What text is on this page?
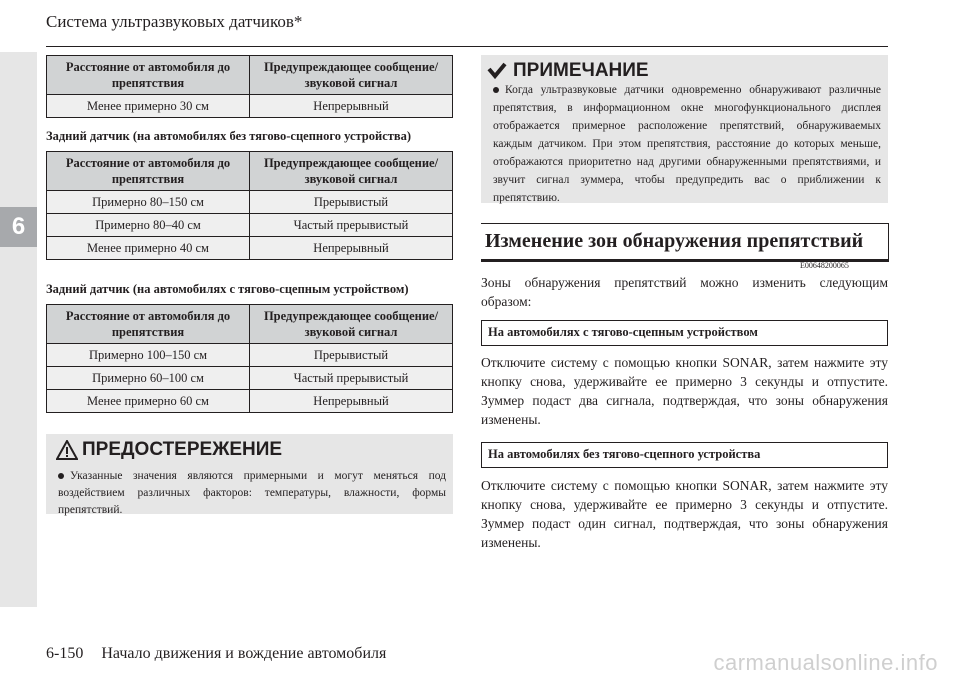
Система ультразвуковых датчиков*
6
Расстояние от автомобиля до препятствия	Предупреждающее сообщение/звуковой сигнал
Менее примерно 30 см	Непрерывный
Задний датчик (на автомобилях без тягово-сцепного устройства)
Расстояние от автомобиля до препятствия	Предупреждающее сообщение/звуковой сигнал
Примерно 80–150 см	Прерывистый
Примерно 80–40 см	Частый прерывистый
Менее примерно 40 см	Непрерывный
Задний датчик (на автомобилях с тягово-сцепным устройством)
Расстояние от автомобиля до препятствия	Предупреждающее сообщение/звуковой сигнал
Примерно 100–150 см	Прерывистый
Примерно 60–100 см	Частый прерывистый
Менее примерно 60 см	Непрерывный
ПРЕДОСТЕРЕЖЕНИЕ
Указанные значения являются примерными и могут меняться под воздействием различных факторов: температуры, влажности, формы препятствий.
ПРИМЕЧАНИЕ
Когда ультразвуковые датчики одновременно обнаруживают различные препятствия, в информационном окне многофункционального дисплея отображается примерное расположение препятствий, обнаруживаемых каждым датчиком. При этом препятствия, расстояние до которых меньше, отображаются приоритетно над другими обнаруженными препятствиями, и звучит сигнал зуммера, чтобы предупредить вас о приближении к препятствию.
Изменение зон обнаружения препятствий
E00648200065
Зоны обнаружения препятствий можно изменить следующим образом:
На автомобилях с тягово-сцепным устройством
Отключите систему с помощью кнопки SONAR, затем нажмите эту кнопку снова, удерживайте ее примерно 3 секунды и отпустите. Зуммер подаст два сигнала, подтверждая, что зоны обнаружения изменены.
На автомобилях без тягово-сцепного устройства
Отключите систему с помощью кнопки SONAR, затем нажмите эту кнопку снова, удерживайте ее примерно 3 секунды и отпустите. Зуммер подаст один сигнал, подтверждая, что зоны обнаружения изменены.
6-150 Начало движения и вождение автомобиля	carmanualsonline.info
